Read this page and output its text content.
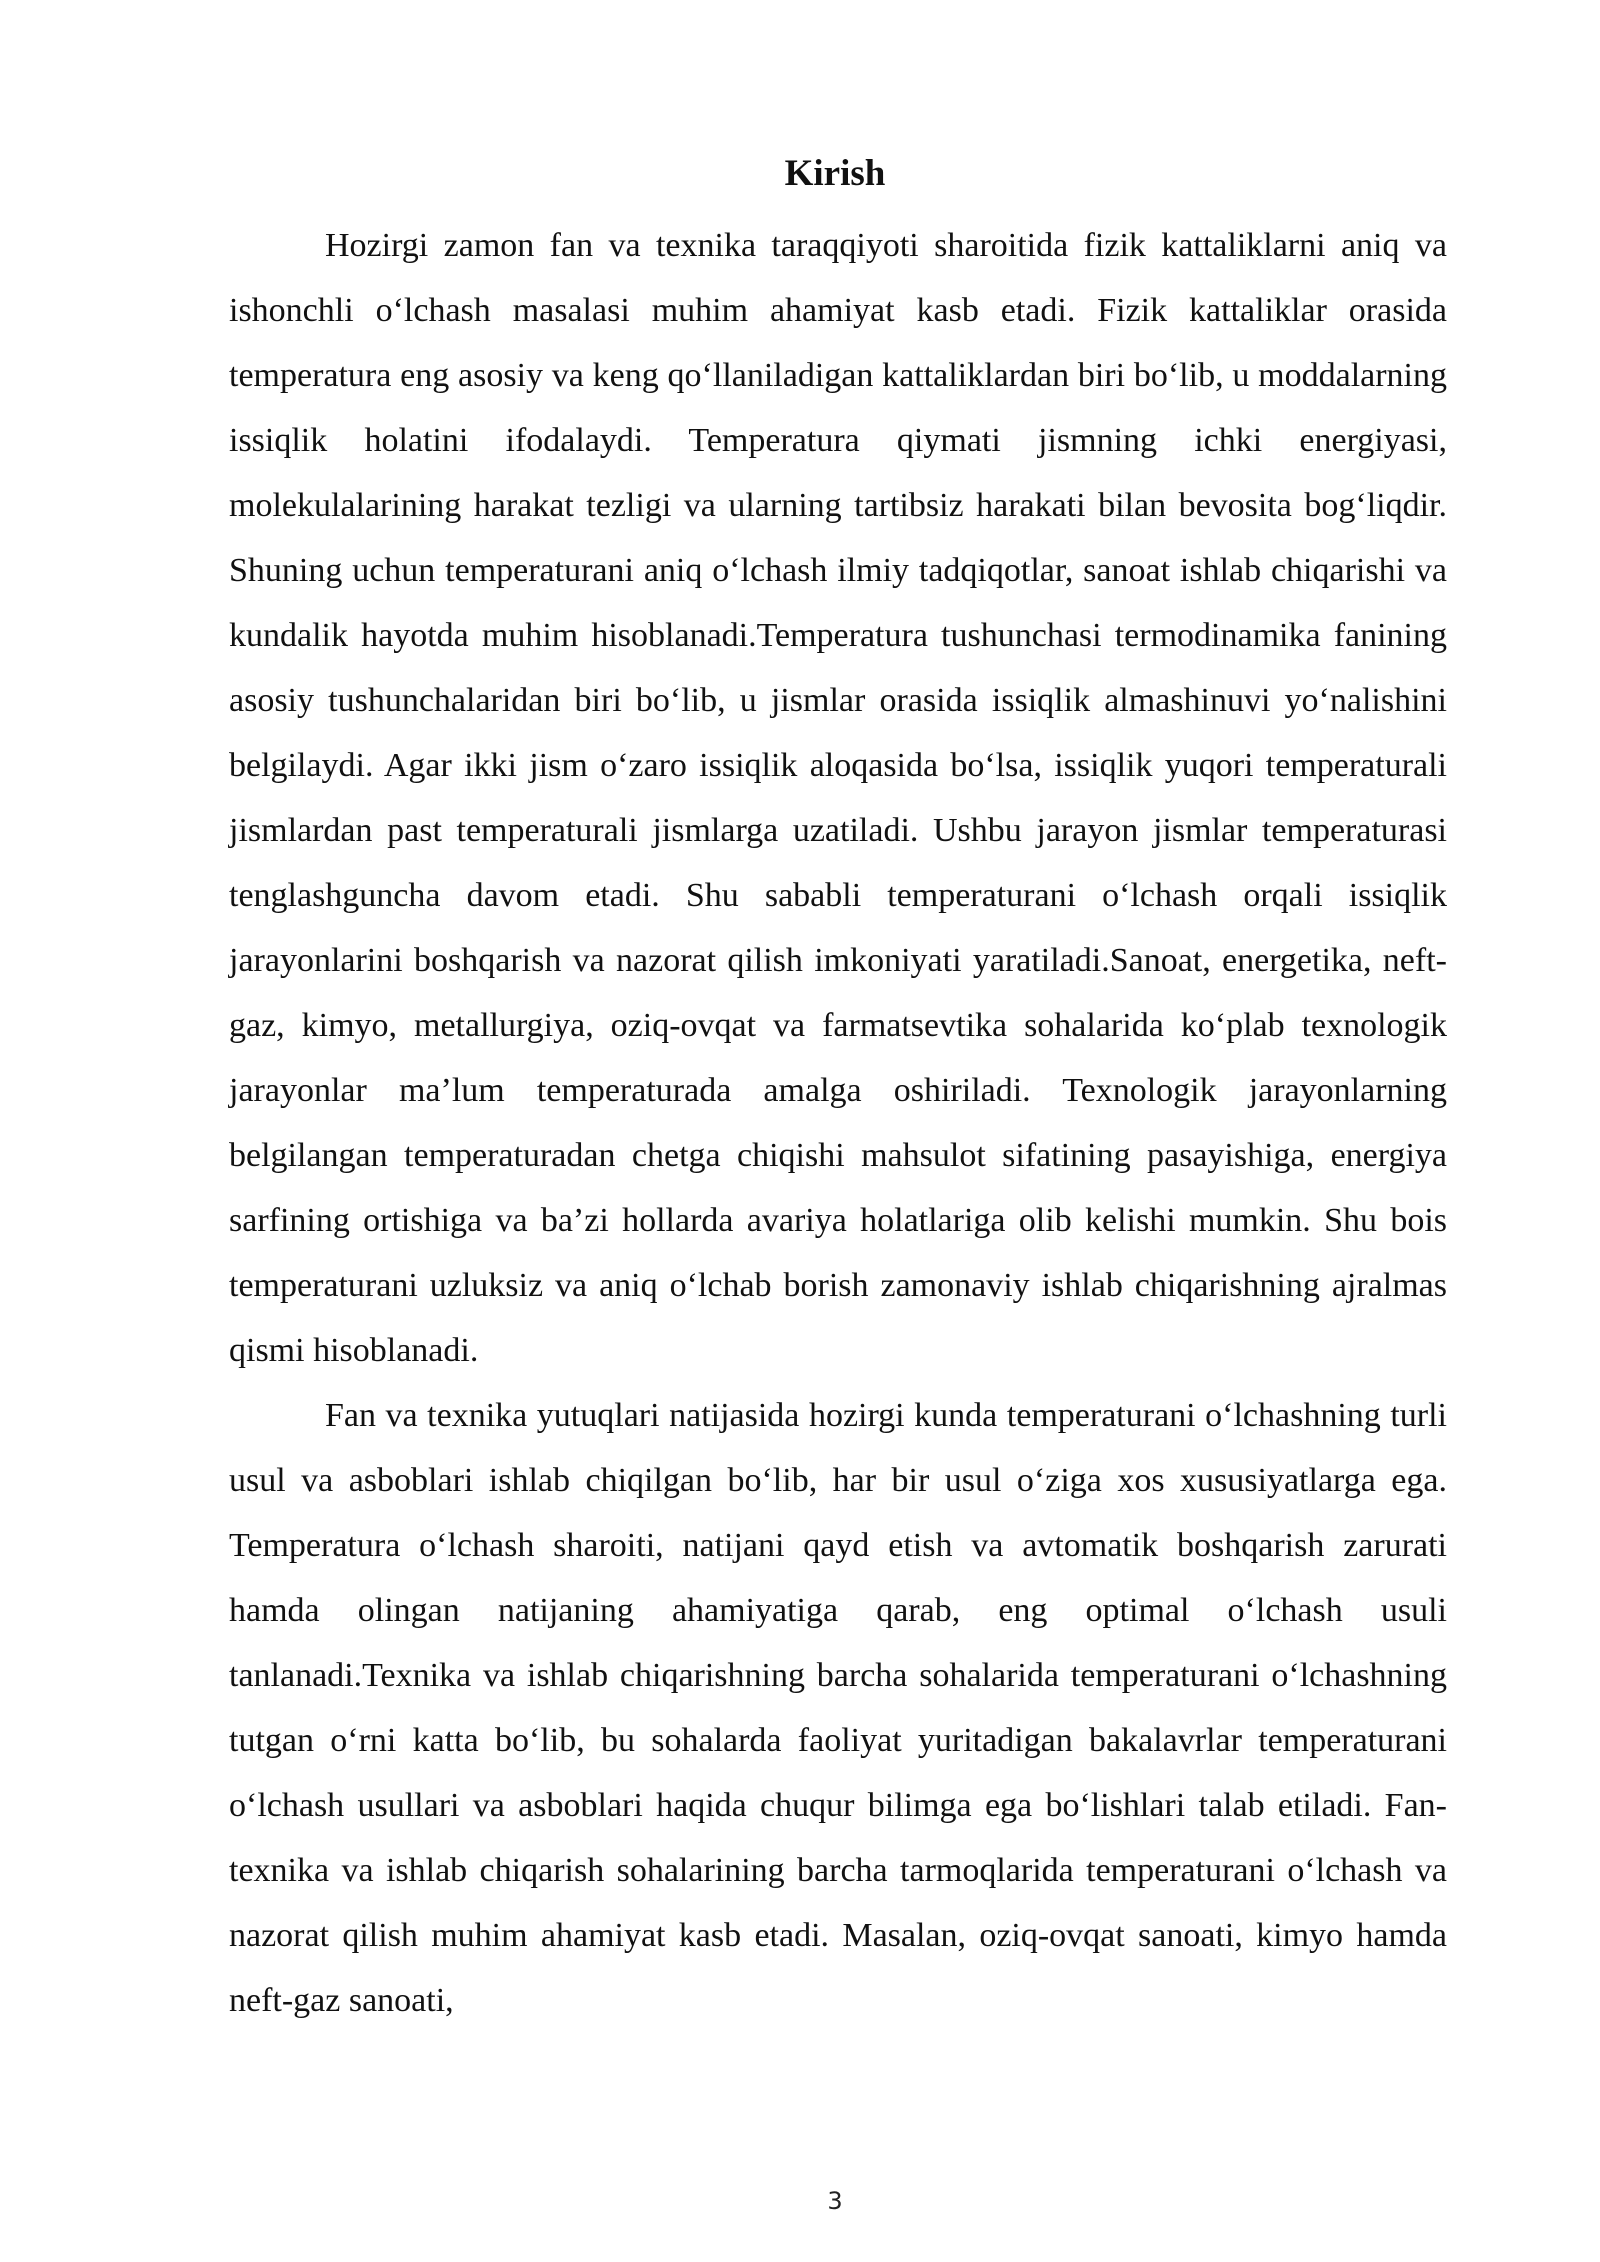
Kirish

Hozirgi zamon fan va texnika taraqqiyoti sharoitida fizik kattaliklarni aniq va ishonchli o‘lchash masalasi muhim ahamiyat kasb etadi. Fizik kattaliklar orasida temperatura eng asosiy va keng qo‘llaniladigan kattaliklardan biri bo‘lib, u moddalarning issiqlik holatini ifodalaydi. Temperatura qiymati jismning ichki energiyasi, molekulalarining harakat tezligi va ularning tartibsiz harakati bilan bevosita bog‘liqdir. Shuning uchun temperaturani aniq o‘lchash ilmiy tadqiqotlar, sanoat ishlab chiqarishi va kundalik hayotda muhim hisoblanadi.Temperatura tushunchasi termodinamika fanining asosiy tushunchalaridan biri bo‘lib, u jismlar orasida issiqlik almashinuvi yo‘nalishini belgilaydi. Agar ikki jism o‘zaro issiqlik aloqasida bo‘lsa, issiqlik yuqori temperaturali jismlardan past temperaturali jismlarga uzatiladi. Ushbu jarayon jismlar temperaturasi tenglashguncha davom etadi. Shu sababli temperaturani o‘lchash orqali issiqlik jarayonlarini boshqarish va nazorat qilish imkoniyati yaratiladi.Sanoat, energetika, neft-gaz, kimyo, metallurgiya, oziq-ovqat va farmatsevtika sohalarida ko‘plab texnologik jarayonlar ma’lum temperaturada amalga oshiriladi. Texnologik jarayonlarning belgilangan temperaturadan chetga chiqishi mahsulot sifatining pasayishiga, energiya sarfining ortishiga va ba’zi hollarda avariya holatlariga olib kelishi mumkin. Shu bois temperaturani uzluksiz va aniq o‘lchab borish zamonaviy ishlab chiqarishning ajralmas qismi hisoblanadi.

Fan va texnika yutuqlari natijasida hozirgi kunda temperaturani o‘lchashning turli usul va asboblari ishlab chiqilgan bo‘lib, har bir usul o‘ziga xos xususiyatlarga ega. Temperatura o‘lchash sharoiti, natijani qayd etish va avtomatik boshqarish zarurati hamda olingan natijaning ahamiyatiga qarab, eng optimal o‘lchash usuli tanlanadi.Texnika va ishlab chiqarishning barcha sohalarida temperaturani o‘lchashning tutgan o‘rni katta bo‘lib, bu sohalarda faoliyat yuritadigan bakalavrlar temperaturani o‘lchash usullari va asboblari haqida chuqur bilimga ega bo‘lishlari talab etiladi. Fan-texnika va ishlab chiqarish sohalarining barcha tarmoqlarida temperaturani o‘lchash va nazorat qilish muhim ahamiyat kasb etadi. Masalan, oziq-ovqat sanoati, kimyo hamda neft-gaz sanoati,

3
